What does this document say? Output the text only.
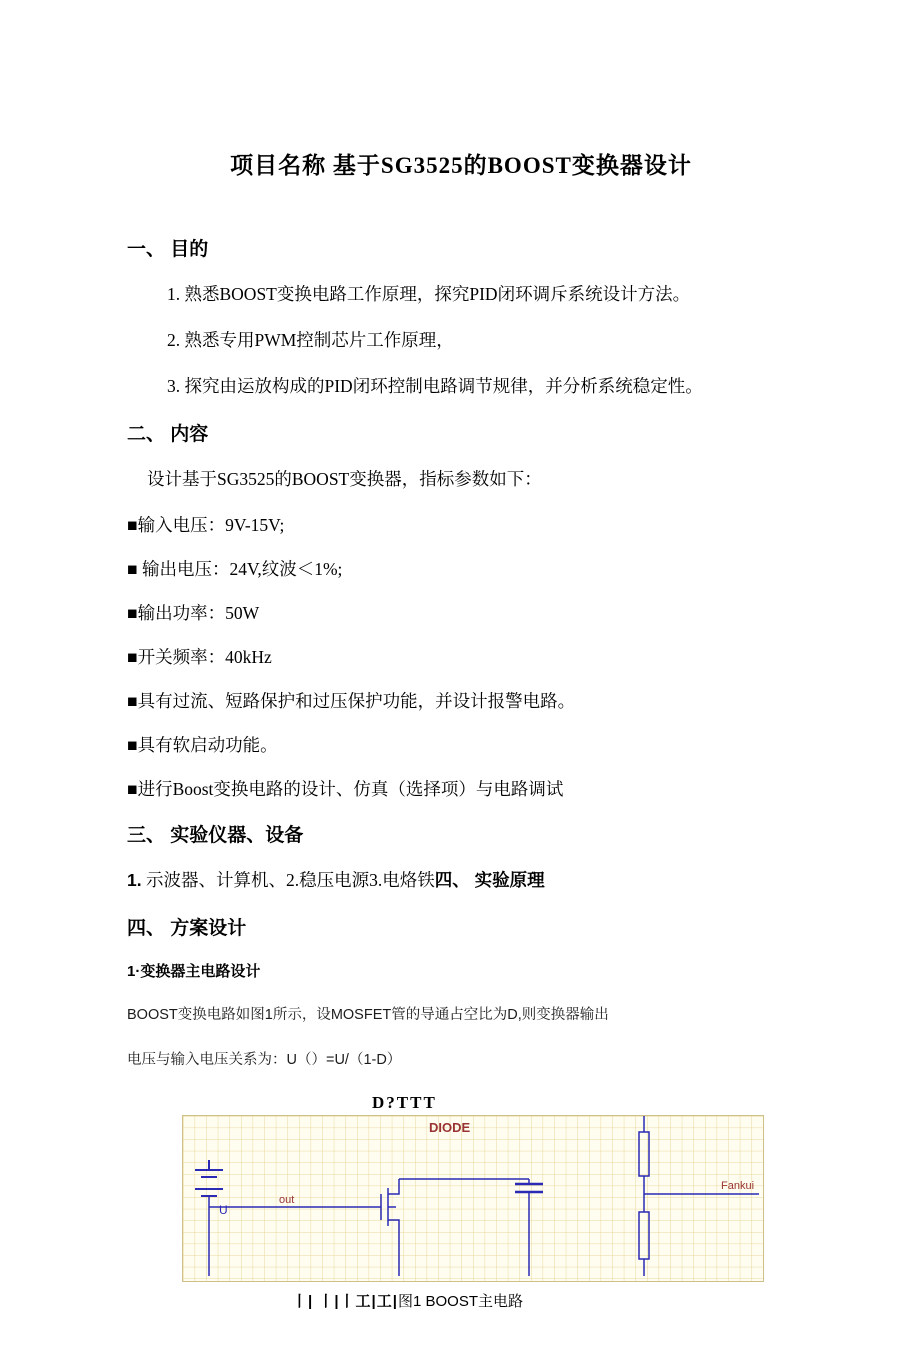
项目名称 基于SG3525的BOOST变换器设计
一、 目的

1. 熟悉BOOST变换电路工作原理，探究PID闭环调斥系统设计方法。

2. 熟悉专用PWM控制芯片工作原理，

3. 探究由运放构成的PID闭环控制电路调节规律，并分析系统稳定性。

二、 内容

设计基于SG3525的BOOST变换器，指标参数如下：

■输入电压：9V-15V;

■ 输出电压：24V,纹波＜1%;

■输出功率：50W

■开关频率：40kHz

■具有过流、短路保护和过压保护功能，并设计报警电路。

■具有软启动功能。

■进行Boost变换电路的设计、仿真（选择项）与电路调试

三、 实验仪器、设备

1. 示波器、计算机、2.稳压电源3.电烙铁四、 实验原理

四、 方案设计
1·变换器主电路设计

BOOST变换电路如图1所示，设MOSFET管的导通占空比为D,则变换器输出

电压与输入电压关系为：U（）=U/（1-D）

D?TTT
U
out
DIODE
Fankui
丨| 丨|丨工|工|图1 BOOST主电路
